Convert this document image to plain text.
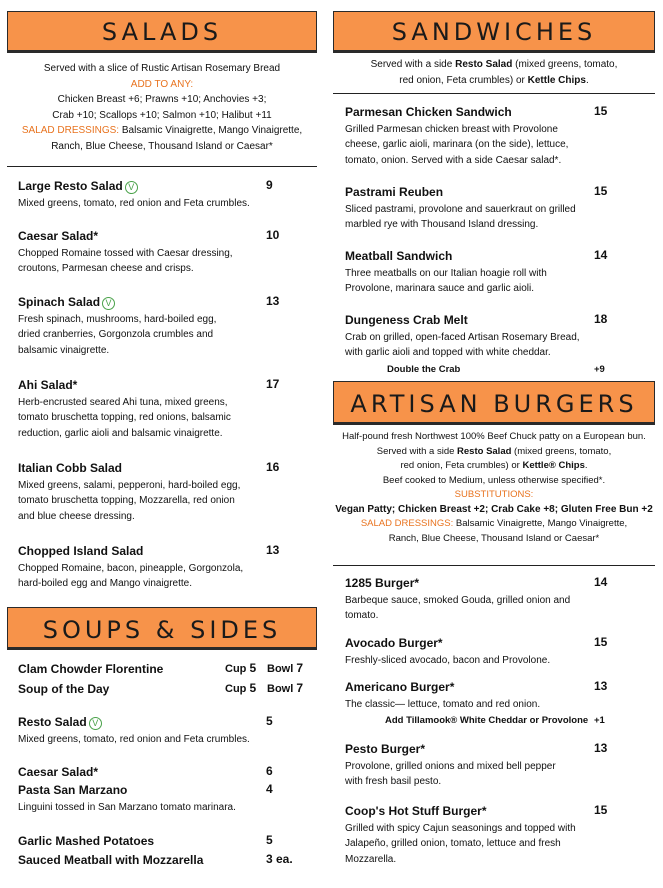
SALADS
Served with a slice of Rustic Artisan Rosemary Bread
ADD TO ANY:
Chicken Breast +6; Prawns +10; Anchovies +3;
Crab +10; Scallops +10; Salmon +10; Halibut +11
SALAD DRESSINGS: Balsamic Vinaigrette, Mango Vinaigrette,
Ranch, Blue Cheese, Thousand Island or Caesar*
Large Resto Salad V	9
Mixed greens, tomato, red onion and Feta crumbles.
Caesar Salad*	10
Chopped Romaine tossed with Caesar dressing,
croutons, Parmesan cheese and crisps.
Spinach Salad V	13
Fresh spinach, mushrooms, hard-boiled egg,
dried cranberries, Gorgonzola crumbles and
balsamic vinaigrette.
Ahi Salad*	17
Herb-encrusted seared Ahi tuna, mixed greens,
tomato bruschetta topping, red onions, balsamic
reduction, garlic aioli and balsamic vinaigrette.
Italian Cobb Salad	16
Mixed greens, salami, pepperoni, hard-boiled egg,
tomato bruschetta topping, Mozzarella, red onion
and blue cheese dressing.
Chopped Island Salad	13
Chopped Romaine, bacon, pineapple, Gorgonzola,
hard-boiled egg and Mango vinaigrette.
SOUPS & SIDES
Clam Chowder Florentine	Cup 5 Bowl 7
Soup of the Day	Cup 5 Bowl 7
Resto Salad V	5
Mixed greens, tomato, red onion and Feta crumbles.
Caesar Salad*	6
Pasta San Marzano	4
Linguini tossed in San Marzano tomato marinara.
Garlic Mashed Potatoes	5
Sauced Meatball with Mozzarella	3 ea.
SANDWICHES
Served with a side Resto Salad (mixed greens, tomato,
red onion, Feta crumbles) or Kettle Chips.
Parmesan Chicken Sandwich	15
Grilled Parmesan chicken breast with Provolone
cheese, garlic aioli, marinara (on the side), lettuce,
tomato, onion. Served with a side Caesar salad*.
Pastrami Reuben	15
Sliced pastrami, provolone and sauerkraut on grilled
marbled rye with Thousand Island dressing.
Meatball Sandwich	14
Three meatballs on our Italian hoagie roll with
Provolone, marinara sauce and garlic aioli.
Dungeness Crab Melt	18
Crab on grilled, open-faced Artisan Rosemary Bread,
with garlic aioli and topped with white cheddar.
Double the Crab	+9
ARTISAN BURGERS
Half-pound fresh Northwest 100% Beef Chuck patty on a European bun.
Served with a side Resto Salad (mixed greens, tomato,
red onion, Feta crumbles) or Kettle® Chips.
Beef cooked to Medium, unless otherwise specified*.
SUBSTITUTIONS:
Vegan Patty; Chicken Breast +2; Crab Cake +8; Gluten Free Bun +2
SALAD DRESSINGS: Balsamic Vinaigrette, Mango Vinaigrette,
Ranch, Blue Cheese, Thousand Island or Caesar*
1285 Burger*	14
Barbeque sauce, smoked Gouda, grilled onion and
tomato.
Avocado Burger*	15
Freshly-sliced avocado, bacon and Provolone.
Americano Burger*	13
The classic— lettuce, tomato and red onion.
Add Tillamook® White Cheddar or Provolone +1
Pesto Burger*	13
Provolone, grilled onions and mixed bell pepper
with fresh basil pesto.
Coop's Hot Stuff Burger*	15
Grilled with spicy Cajun seasonings and topped with
Jalapeño, grilled onion, tomato, lettuce and fresh
Mozzarella.
